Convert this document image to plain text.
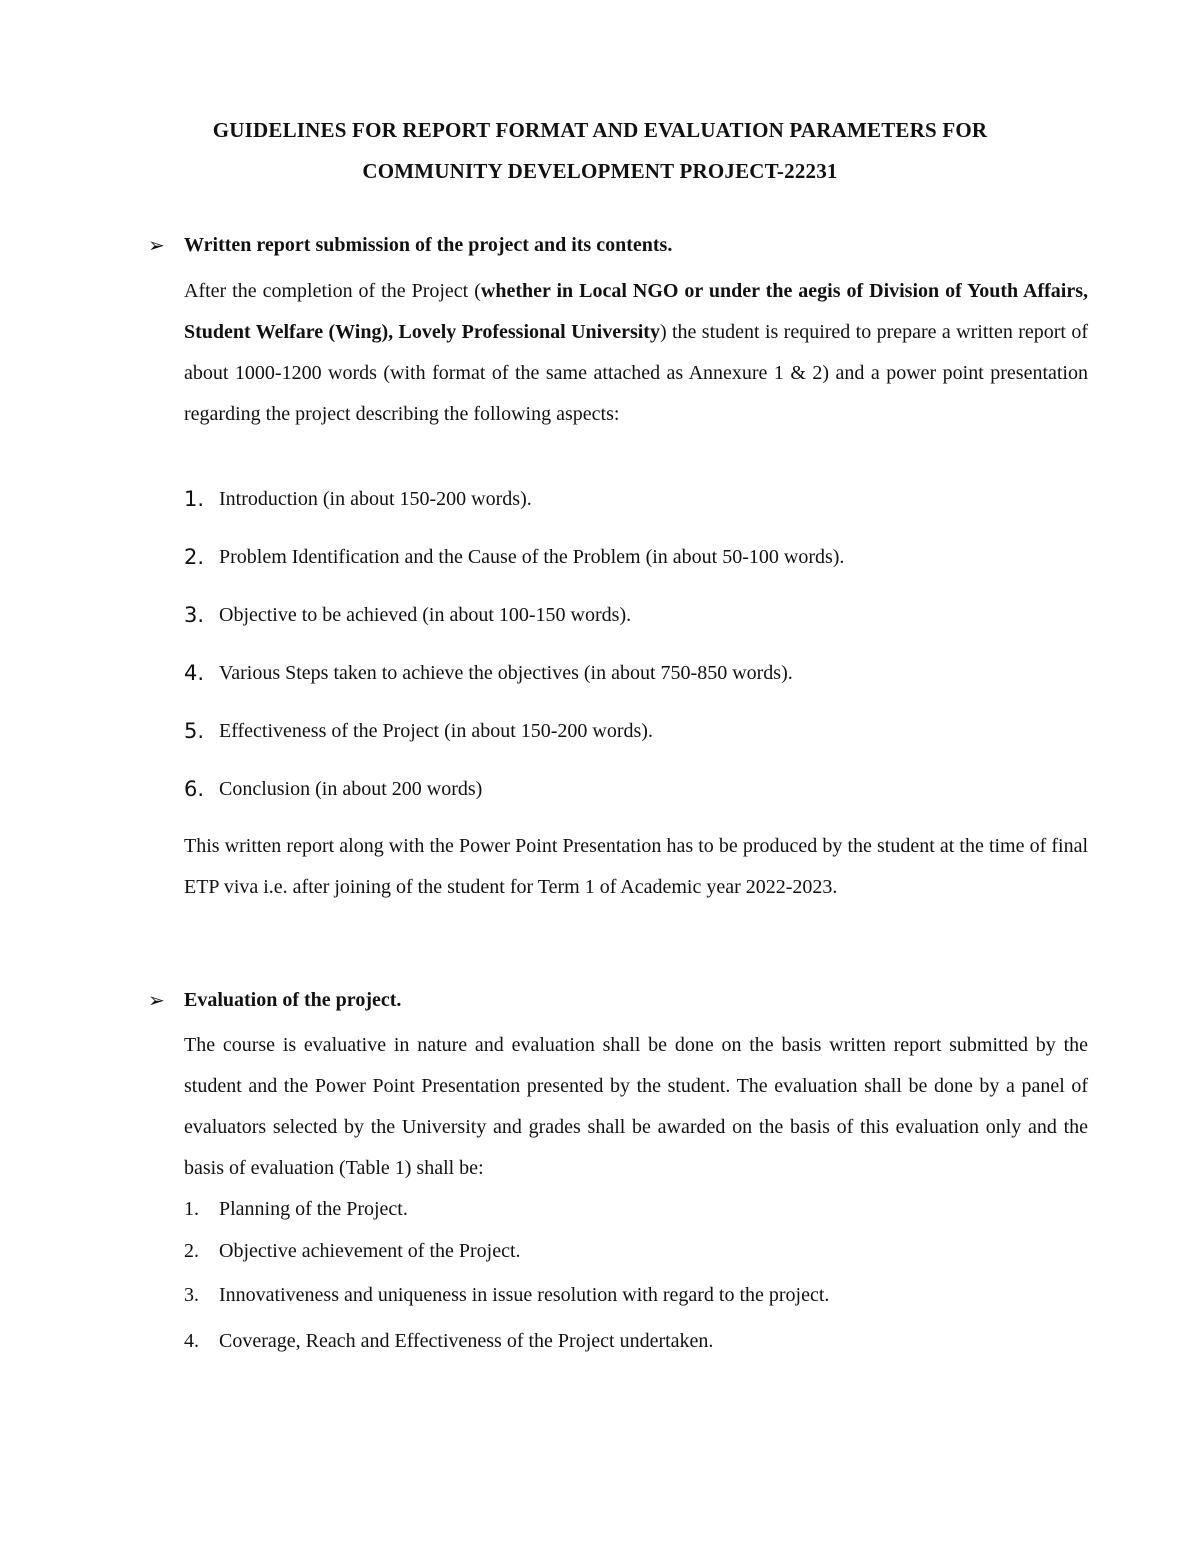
GUIDELINES FOR REPORT FORMAT AND EVALUATION PARAMETERS FOR
COMMUNITY DEVELOPMENT PROJECT-22231
➢ Written report submission of the project and its contents.
After the completion of the Project (whether in Local NGO or under the aegis of Division of Youth Affairs, Student Welfare (Wing), Lovely Professional University) the student is required to prepare a written report of about 1000-1200 words (with format of the same attached as Annexure 1 & 2) and a power point presentation regarding the project describing the following aspects:
1. Introduction (in about 150-200 words).
2. Problem Identification and the Cause of the Problem (in about 50-100 words).
3. Objective to be achieved (in about 100-150 words).
4. Various Steps taken to achieve the objectives (in about 750-850 words).
5. Effectiveness of the Project (in about 150-200 words).
6. Conclusion (in about 200 words)
This written report along with the Power Point Presentation has to be produced by the student at the time of final ETP viva i.e. after joining of the student for Term 1 of Academic year 2022-2023.
➢ Evaluation of the project.
The course is evaluative in nature and evaluation shall be done on the basis written report submitted by the student and the Power Point Presentation presented by the student. The evaluation shall be done by a panel of evaluators selected by the University and grades shall be awarded on the basis of this evaluation only and the basis of evaluation (Table 1) shall be:
1. Planning of the Project.
2. Objective achievement of the Project.
3. Innovativeness and uniqueness in issue resolution with regard to the project.
4. Coverage, Reach and Effectiveness of the Project undertaken.
